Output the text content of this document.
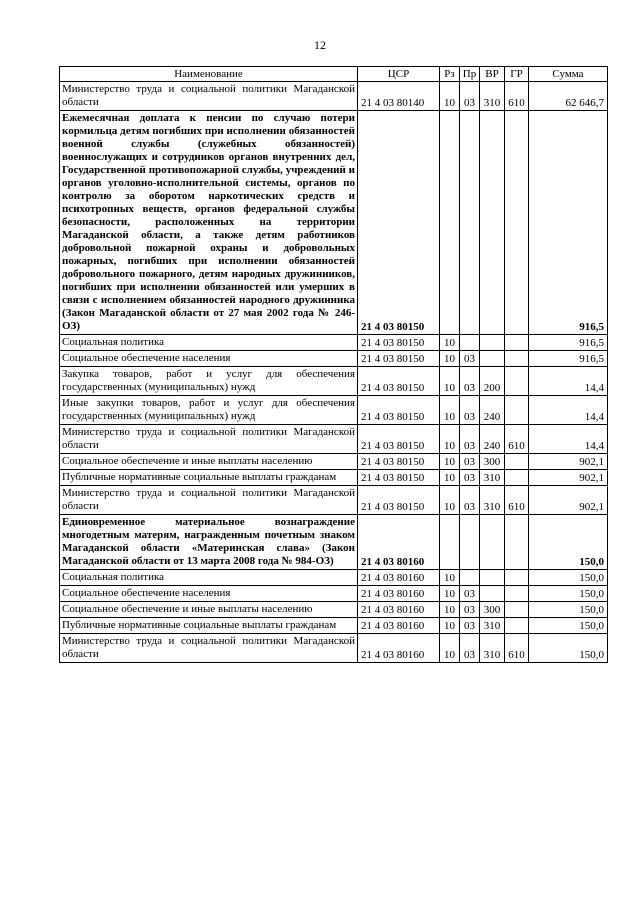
12
Наименование	ЦСР	Рз	Пр	ВР	ГР	Сумма
Министерство труда и социальной политики Магаданской области	21 4 03 80140	10	03	310	610	62 646,7
Ежемесячная доплата к пенсии по случаю потери кормильца детям погибших при исполнении обязанностей военной службы (служебных обязанностей) военнослужащих и сотрудников органов внутренних дел, Государственной противопожарной службы, учреждений и органов уголовно-исполнительной системы, органов по контролю за оборотом наркотических средств и психотропных веществ, органов федеральной службы безопасности, расположенных на территории Магаданской области, а также детям работников добровольной пожарной охраны и добровольных пожарных, погибших при исполнении обязанностей добровольного пожарного, детям народных дружинников, погибших при исполнении обязанностей или умерших в связи с исполнением обязанностей народного дружинника (Закон Магаданской области от 27 мая 2002 года № 246-ОЗ)	21 4 03 80150					916,5
Социальная политика	21 4 03 80150	10				916,5
Социальное обеспечение населения	21 4 03 80150	10	03			916,5
Закупка товаров, работ и услуг для обеспечения государственных (муниципальных) нужд	21 4 03 80150	10	03	200		14,4
Иные закупки товаров, работ и услуг для обеспечения государственных (муниципальных) нужд	21 4 03 80150	10	03	240		14,4
Министерство труда и социальной политики Магаданской области	21 4 03 80150	10	03	240	610	14,4
Социальное обеспечение и иные выплаты населению	21 4 03 80150	10	03	300		902,1
Публичные нормативные социальные выплаты гражданам	21 4 03 80150	10	03	310		902,1
Министерство труда и социальной политики Магаданской области	21 4 03 80150	10	03	310	610	902,1
Единовременное материальное вознаграждение многодетным матерям, награжденным почетным знаком Магаданской области «Материнская слава» (Закон Магаданской области от 13 марта 2008 года № 984-ОЗ)	21 4 03 80160					150,0
Социальная политика	21 4 03 80160	10				150,0
Социальное обеспечение населения	21 4 03 80160	10	03			150,0
Социальное обеспечение и иные выплаты населению	21 4 03 80160	10	03	300		150,0
Публичные нормативные социальные выплаты гражданам	21 4 03 80160	10	03	310		150,0
Министерство труда и социальной политики Магаданской области	21 4 03 80160	10	03	310	610	150,0
